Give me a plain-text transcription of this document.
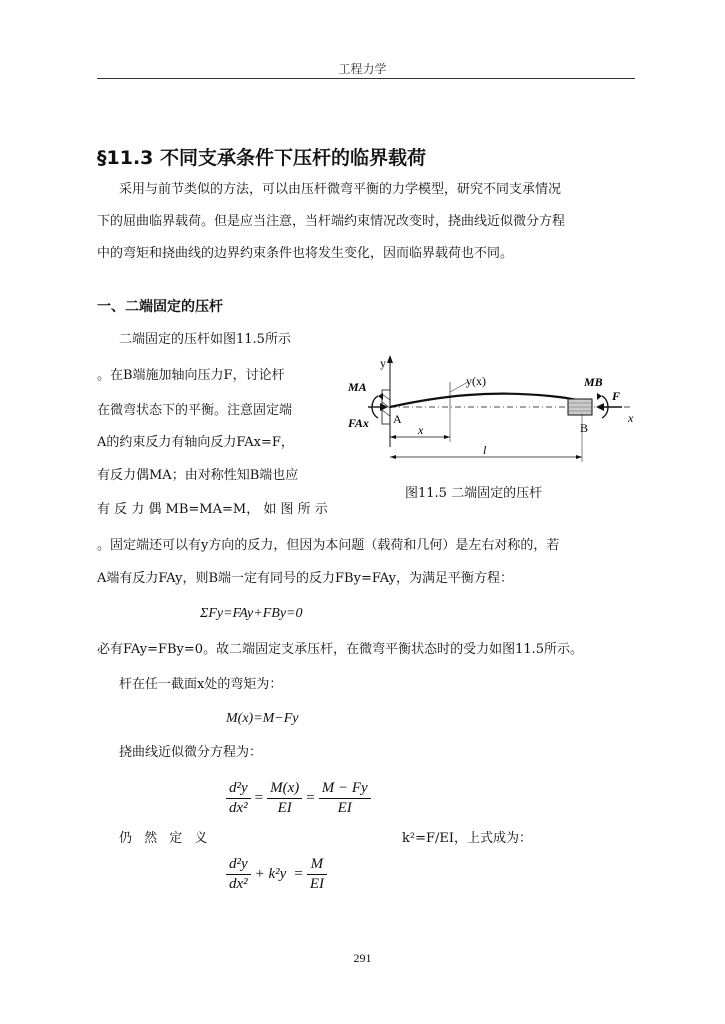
工程力学
§11.3 不同支承条件下压杆的临界载荷
采用与前节类似的方法，可以由压杆微弯平衡的力学模型，研究不同支承情况
下的屈曲临界载荷。但是应当注意，当杆端约束情况改变时，挠曲线近似微分方程
中的弯矩和挠曲线的边界约束条件也将发生变化，因而临界载荷也不同。
一、二端固定的压杆
二端固定的压杆如图11.5所示
。在B端施加轴向压力F，讨论杆
在微弯状态下的平衡。注意固定端
A的约束反力有轴向反力FAx=F，
有反力偶MA；由对称性知B端也应
有 反 力 偶 MB=MA=M， 如 图 所 示
y
x
y(x)
MA	MB
F
FAx A
B
x
l
图11.5 二端固定的压杆
。固定端还可以有y方向的反力，但因为本问题（载荷和几何）是左右对称的，若
A端有反力FAy，则B端一定有同号的反力FBy=FAy，为满足平衡方程：
ΣFy=FAy+FBy=0
必有FAy=FBy=0。故二端固定支承压杆，在微弯平衡状态时的受力如图11.5所示。
杆在任一截面x处的弯矩为：
M(x)=M−Fy
挠曲线近似微分方程为：
$\frac{\text{d²y}}{\text{dx²}} = \frac{M(x)}{EI} = \frac{M - Fy}{EI}$
仍 然 定 义	k²=F/EI，上式成为：
$\frac{\text{d²y}}{\text{dx²}} + k^2y = \frac{M}{EI}$
291
